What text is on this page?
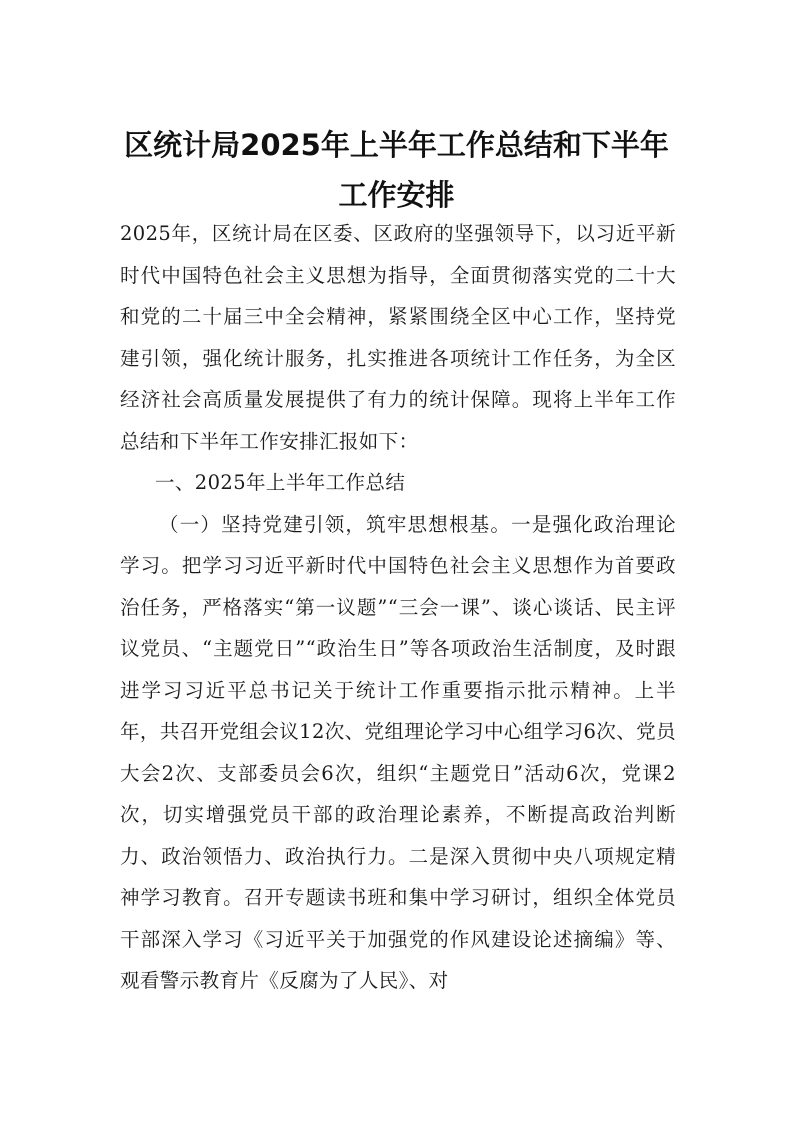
区统计局2025年上半年工作总结和下半年
工作安排

2025年，区统计局在区委、区政府的坚强领导下，以习近平新时代中国特色社会主义思想为指导，全面贯彻落实党的二十大和党的二十届三中全会精神，紧紧围绕全区中心工作，坚持党建引领，强化统计服务，扎实推进各项统计工作任务，为全区经济社会高质量发展提供了有力的统计保障。现将上半年工作总结和下半年工作安排汇报如下：

一、2025年上半年工作总结

（一）坚持党建引领，筑牢思想根基。一是强化政治理论学习。把学习习近平新时代中国特色社会主义思想作为首要政治任务，严格落实“第一议题”“三会一课”、谈心谈话、民主评议党员、“主题党日”“政治生日”等各项政治生活制度，及时跟进学习习近平总书记关于统计工作重要指示批示精神。上半年，共召开党组会议12次、党组理论学习中心组学习6次、党员大会2次、支部委员会6次，组织“主题党日”活动6次，党课2次，切实增强党员干部的政治理论素养，不断提高政治判断力、政治领悟力、政治执行力。二是深入贯彻中央八项规定精神学习教育。召开专题读书班和集中学习研讨，组织全体党员干部深入学习《习近平关于加强党的作风建设论述摘编》等、观看警示教育片《反腐为了人民》、对
